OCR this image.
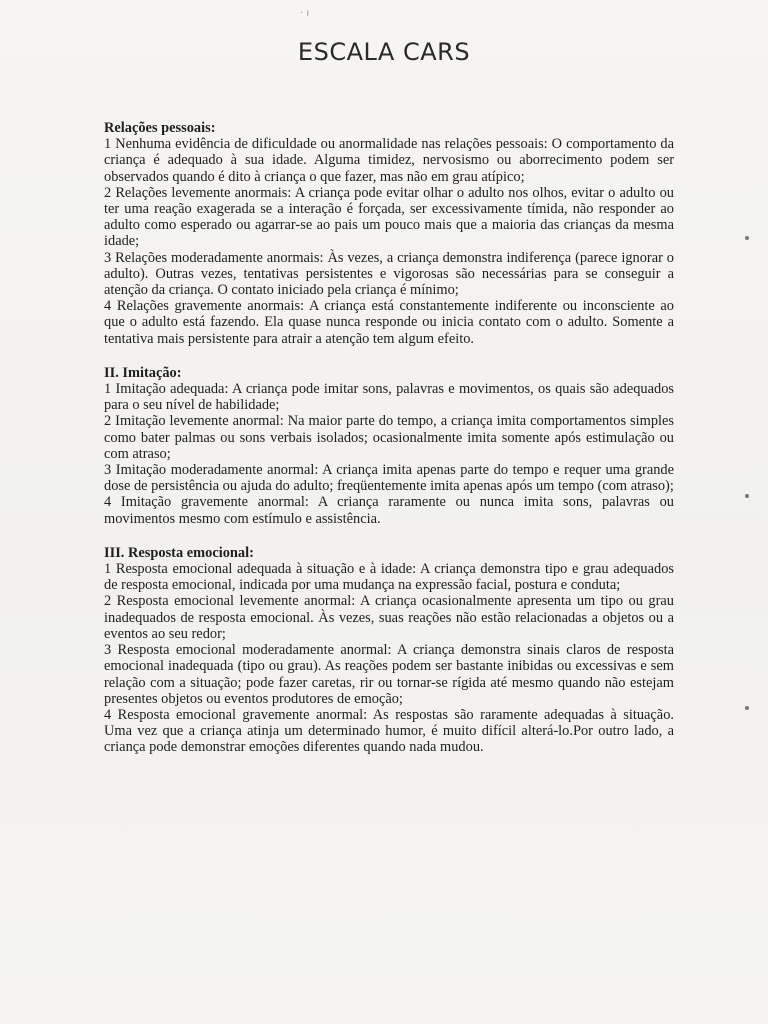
· ı
ESCALA CARS

Relações pessoais:

1 Nenhuma evidência de dificuldade ou anormalidade nas relações pessoais: O comportamento da criança é adequado à sua idade. Alguma timidez, nervosismo ou aborrecimento podem ser observados quando é dito à criança o que fazer, mas não em grau atípico;

2 Relações levemente anormais: A criança pode evitar olhar o adulto nos olhos, evitar o adulto ou ter uma reação exagerada se a interação é forçada, ser excessivamente tímida, não responder ao adulto como esperado ou agarrar-se ao pais um pouco mais que a maioria das crianças da mesma idade;

3 Relações moderadamente anormais: Às vezes, a criança demonstra indiferença (parece ignorar o adulto). Outras vezes, tentativas persistentes e vigorosas são necessárias para se conseguir a atenção da criança. O contato iniciado pela criança é mínimo;

4 Relações gravemente anormais: A criança está constantemente indiferente ou inconsciente ao que o adulto está fazendo. Ela quase nunca responde ou inicia contato com o adulto. Somente a tentativa mais persistente para atrair a atenção tem algum efeito.

II. Imitação:

1 Imitação adequada: A criança pode imitar sons, palavras e movimentos, os quais são adequados para o seu nível de habilidade;

2 Imitação levemente anormal: Na maior parte do tempo, a criança imita comportamentos simples como bater palmas ou sons verbais isolados; ocasionalmente imita somente após estimulação ou com atraso;

3 Imitação moderadamente anormal: A criança imita apenas parte do tempo e requer uma grande dose de persistência ou ajuda do adulto; freqüentemente imita apenas após um tempo (com atraso);

4 Imitação gravemente anormal: A criança raramente ou nunca imita sons, palavras ou movimentos mesmo com estímulo e assistência.

III. Resposta emocional:

1 Resposta emocional adequada à situação e à idade: A criança demonstra tipo e grau adequados de resposta emocional, indicada por uma mudança na expressão facial, postura e conduta;

2 Resposta emocional levemente anormal: A criança ocasionalmente apresenta um tipo ou grau inadequados de resposta emocional. Às vezes, suas reações não estão relacionadas a objetos ou a eventos ao seu redor;

3 Resposta emocional moderadamente anormal: A criança demonstra sinais claros de resposta emocional inadequada (tipo ou grau). As reações podem ser bastante inibidas ou excessivas e sem relação com a situação; pode fazer caretas, rir ou tornar-se rígida até mesmo quando não estejam presentes objetos ou eventos produtores de emoção;

4 Resposta emocional gravemente anormal: As respostas são raramente adequadas à situação. Uma vez que a criança atinja um determinado humor, é muito difícil alterá-lo.Por outro lado, a criança pode demonstrar emoções diferentes quando nada mudou.
